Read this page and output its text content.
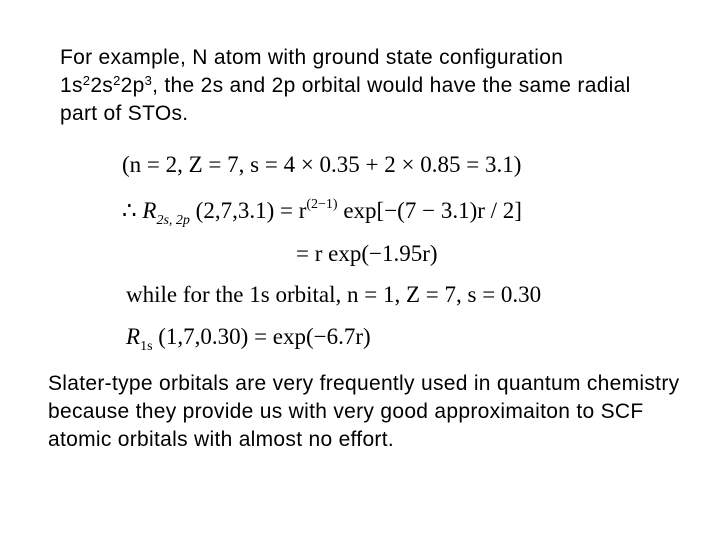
For example, N atom with ground state configuration
$1s^22s^22p^3$, the 2s and 2p orbital would have the same radial
part of STOs.
(n = 2, Z = 7, s = 4 × 0.35 + 2 × 0.85 = 3.1)
∴ $R_{2s, 2p}$ $(2,7,3.1) = r^{(2-1)}$ exp[−(7 − 3.1)r / 2]
= r exp(−1.95r)
while for the 1s orbital, n = 1, Z = 7, s = 0.30
$R_{1s}$ (1,7,0.30) = exp(−6.7r)
Slater-type orbitals are very frequently used in quantum chemistry because they provide us with very good approximaiton to SCF atomic orbitals with almost no effort.
